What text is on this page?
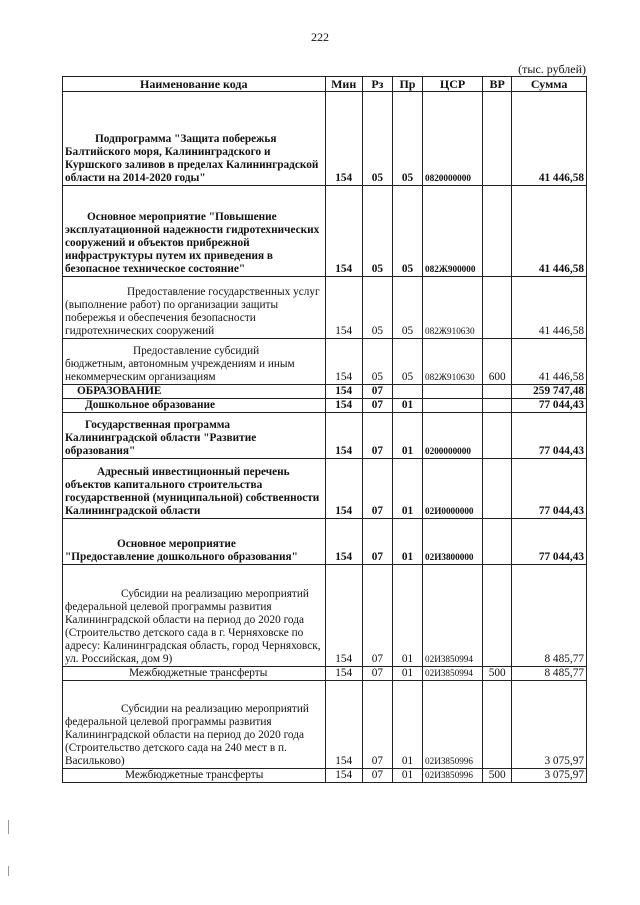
222
(тыс. рублей)
Наименование кода	Мин	Рз	Пр	ЦСР	ВР	Сумма
Подпрограмма "Защита побережья Балтийского моря, Калининградского и Куршского заливов в пределах Калининградской области на 2014-2020 годы"	154	05	05	0820000000		41 446,58
Основное мероприятие "Повышение эксплуатационной надежности гидротехнических сооружений и объектов прибрежной инфраструктуры путем их приведения в безопасное техническое состояние"	154	05	05	082Ж900000		41 446,58
Предоставление государственных услуг (выполнение работ) по организации защиты побережья и обеспечения безопасности гидротехнических сооружений	154	05	05	082Ж910630		41 446,58
Предоставление субсидий бюджетным, автономным учреждениям и иным некоммерческим организациям	154	05	05	082Ж910630	600	41 446,58
ОБРАЗОВАНИЕ	154	07				259 747,48
Дошкольное образование	154	07	01			77 044,43
Государственная программа Калининградской области "Развитие образования"	154	07	01	0200000000		77 044,43
Адресный инвестиционный перечень объектов капитального строительства государственной (муниципальной) собственности Калининградской области	154	07	01	02И0000000		77 044,43
Основное мероприятие "Предоставление дошкольного образования"	154	07	01	02И3800000		77 044,43
Субсидии на реализацию мероприятий федеральной целевой программы развития Калининградской области на период до 2020 года (Строительство детского сада в г. Черняховске по адресу: Калининградская область, город Черняховск, ул. Российская, дом 9)	154	07	01	02И3850994		8 485,77
Межбюджетные трансферты	154	07	01	02И3850994	500	8 485,77
Субсидии на реализацию мероприятий федеральной целевой программы развития Калининградской области на период до 2020 года (Строительство детского сада на 240 мест в п. Васильково)	154	07	01	02И3850996		3 075,97
Межбюджетные трансферты	154	07	01	02И3850996	500	3 075,97
